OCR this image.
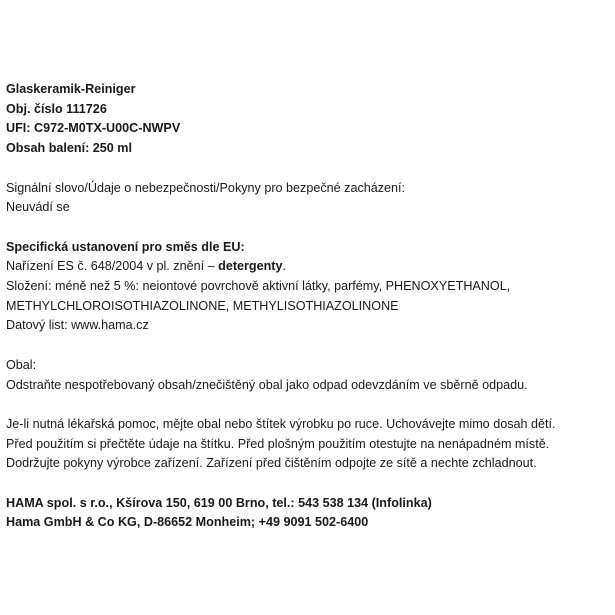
Glaskeramik-Reiniger
Obj. číslo 111726
UFI: C972-M0TX-U00C-NWPV
Obsah balení: 250 ml
Signální slovo/Údaje o nebezpečnosti/Pokyny pro bezpečné zacházení:
Neuvádí se
Specifická ustanovení pro směs dle EU:
Nařízení ES č. 648/2004 v pl. znění – detergenty.
Složení: méně než 5 %: neiontové povrchově aktivní látky, parfémy, PHENOXYETHANOL,
METHYLCHLOROISOTHIAZOLINONE, METHYLISOTHIAZOLINONE
Datový list: www.hama.cz
Obal:
Odstraňte nespotřebovaný obsah/znečištěný obal jako odpad odevzdáním ve sběrně odpadu.
Je-li nutná lékařská pomoc, mějte obal nebo štítek výrobku po ruce. Uchovávejte mimo dosah dětí.
Před použitím si přečtěte údaje na štítku. Před plošným použitím otestujte na nenápadném místě.
Dodržujte pokyny výrobce zařízení. Zařízení před čištěním odpojte ze sítě a nechte zchladnout.
HAMA spol. s r.o., Kšírova 150, 619 00 Brno, tel.: 543 538 134 (Infolinka)
Hama GmbH & Co KG, D-86652 Monheim; +49 9091 502-6400
